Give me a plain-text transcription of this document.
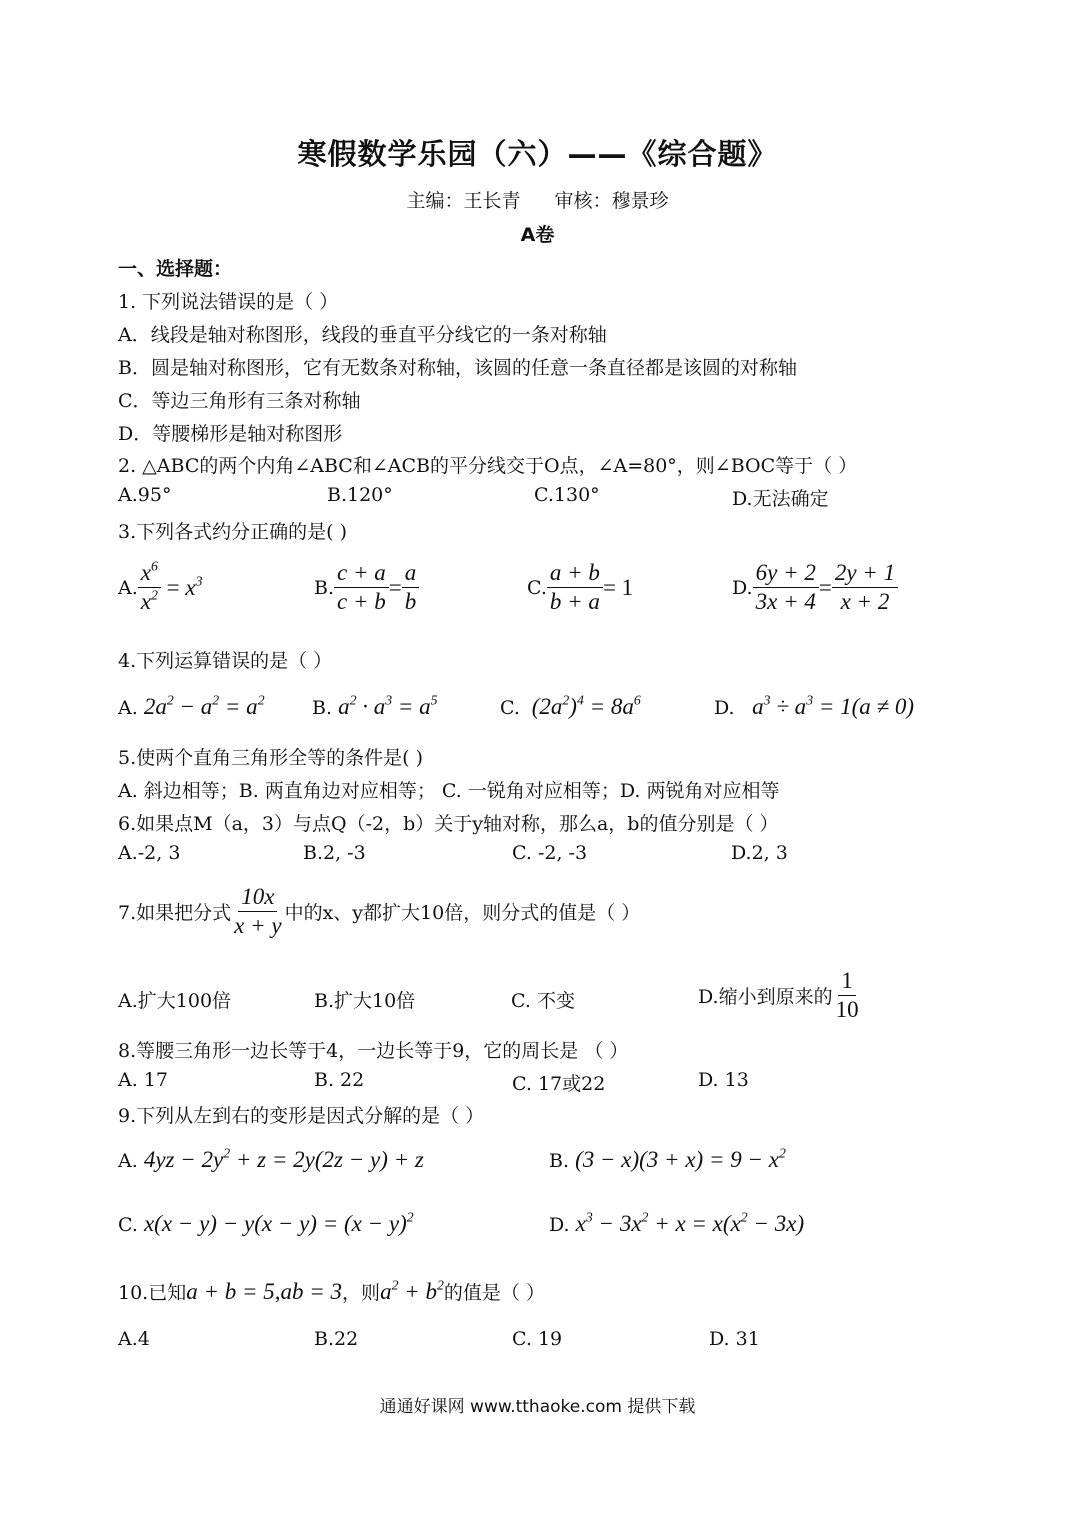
寒假数学乐园（六）——《综合题》
主编：王长青 审核：穆景珍
A卷
一、选择题：
1. 下列说法错误的是（ ）
A．线段是轴对称图形，线段的垂直平分线它的一条对称轴
B．圆是轴对称图形，它有无数条对称轴，该圆的任意一条直径都是该圆的对称轴
C．等边三角形有三条对称轴
D．等腰梯形是轴对称图形
2. △ABC的两个内角∠ABC和∠ACB的平分线交于O点，∠A=80°，则∠BOC等于（ ）
A.95°	B.120°	C.130°	D.无法确定
3.下列各式约分正确的是( )
A. $\frac{x^6}{x^2} = x^3$	B. $\frac{c + a}{c + b} = \frac{a}{b}$	C. $\frac{a + b}{b + a} = 1$	D. $\frac{6y + 2}{3x + 4} = \frac{2y + 1}{x + 2}$
4.下列运算错误的是（ ）
A. $2a^2 - a^2 = a^2$ B. $a^2 \cdot a^3 = a^5$	C. $(2a^2)^4 = 8a^6$	D.   $a^3 \div a^3 = 1(a \ne 0)$
5.使两个直角三角形全等的条件是( )
A. 斜边相等；B. 两直角边对应相等； C. 一锐角对应相等；D. 两锐角对应相等
6.如果点M（a，3）与点Q（-2，b）关于y轴对称，那么a，b的值分别是（ ）
A.-2, 3	B.2, -3	C. -2, -3	D.2, 3
7.如果把分式 $\frac{10x}{x + y}$ 中的x、y都扩大10倍，则分式的值是（ ）
A.扩大100倍	B.扩大10倍	C. 不变	D.缩小到原来的 $\frac{1}{10}$
8.等腰三角形一边长等于4，一边长等于9，它的周长是 （ ）
A. 17	B. 22	C. 17或22	D. 13
9.下列从左到右的变形是因式分解的是（ ）
A. $4yz - 2y^2 + z = 2y(2z - y) + z$	B. $(3 - x)(3 + x) = 9 - x^2$
C. $x(x - y) - y(x - y) = (x - y)^2$	D. $x^3 - 3x^2 + x = x(x^2 - 3x)$
10.已知a + b = 5,ab = 3，则$a^2 + b^2$的值是（ ）
A.4	B.22	C. 19	D. 31
通通好课网 www.tthaoke.com 提供下载
